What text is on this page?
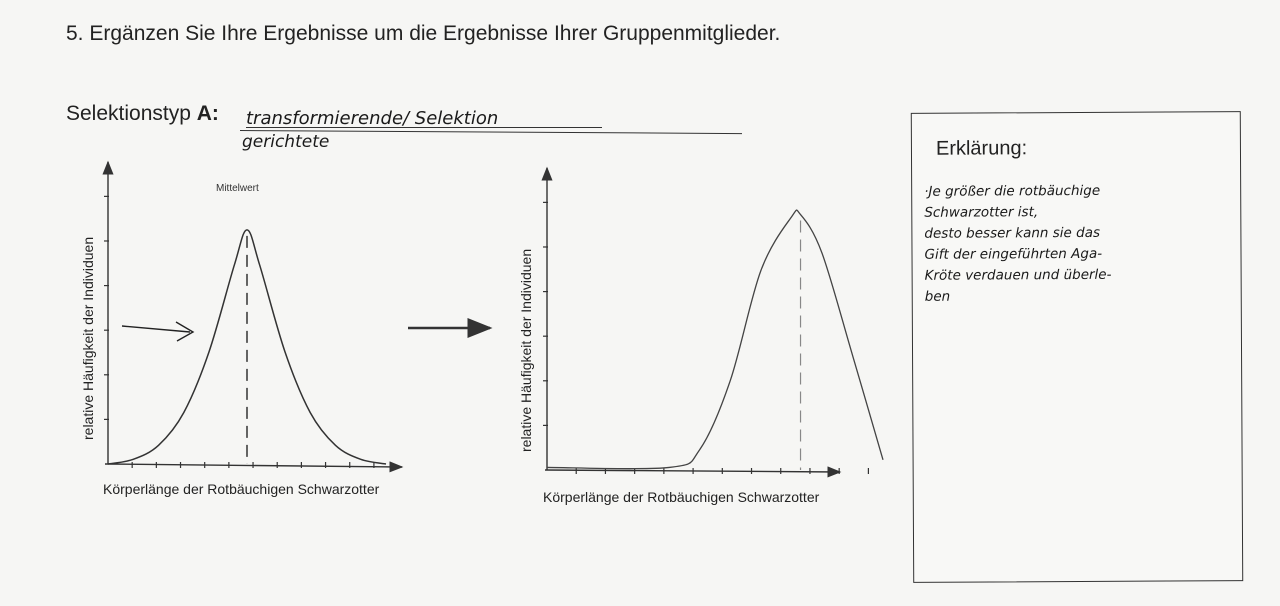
5. Ergänzen Sie Ihre Ergebnisse um die Ergebnisse Ihrer Gruppenmitglieder.
Selektionstyp A: transformierende/ Selektion
gerichtete
Mittelwert
relative Häufigkeit der Individuen
Körperlänge der Rotbäuchigen Schwarzotter
relative Häufigkeit der Individuen
Körperlänge der Rotbäuchigen Schwarzotter
Erklärung:
·Je größer die rotbäuchige
Schwarzotter ist,
desto besser kann sie das
Gift der eingeführten Aga-
Kröte verdauen und überle-
ben
